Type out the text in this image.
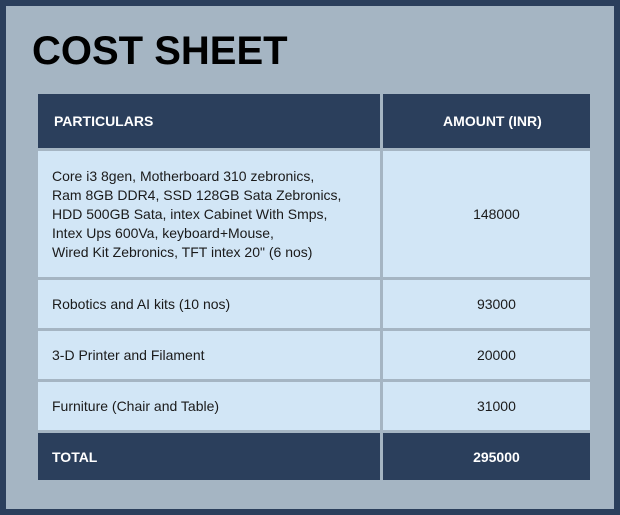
COST SHEET
PARTICULARS	AMOUNT (INR)
Core i3 8gen, Motherboard 310 zebronics,
Ram 8GB DDR4, SSD 128GB Sata Zebronics,
HDD 500GB Sata, intex Cabinet With Smps,
Intex Ups 600Va, keyboard+Mouse,
Wired Kit Zebronics, TFT intex 20" (6 nos)	148000
Robotics and AI kits (10 nos)	93000
3-D Printer and Filament	20000
Furniture (Chair and Table)	31000
TOTAL	295000
